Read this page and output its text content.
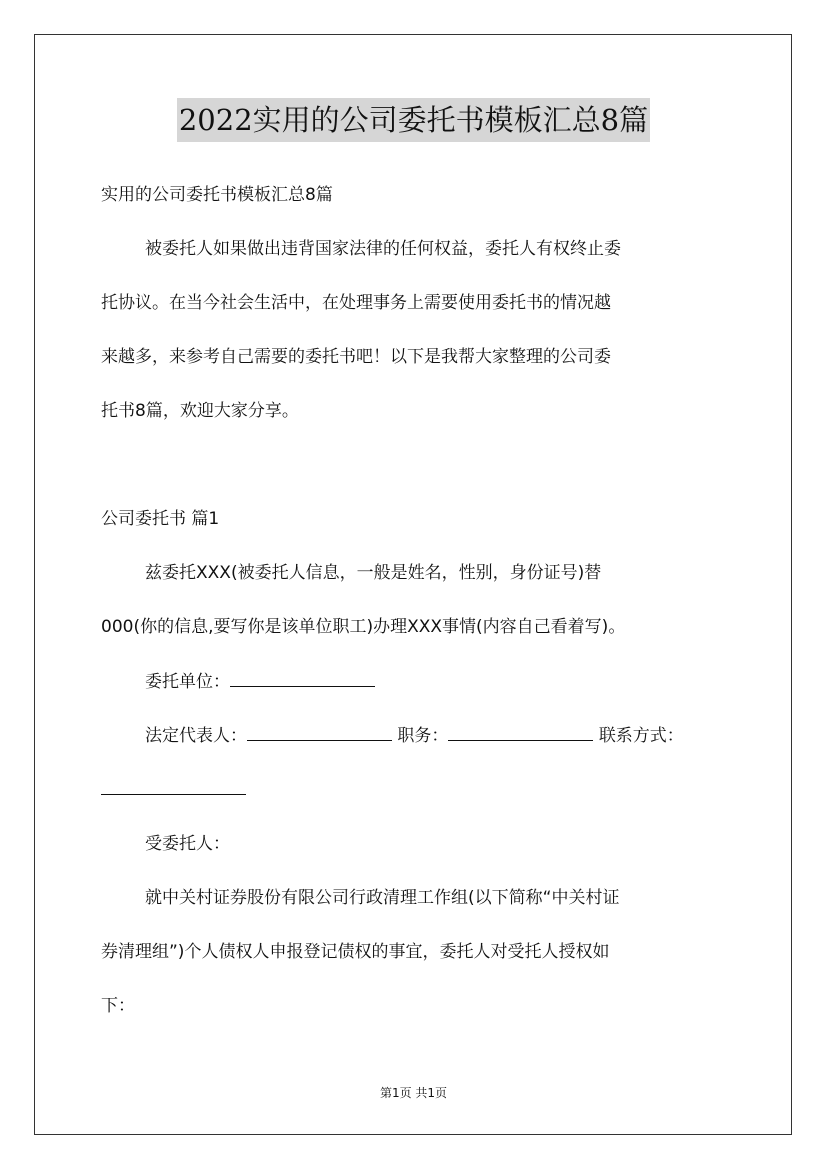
2022实用的公司委托书模板汇总8篇
实用的公司委托书模板汇总8篇
被委托人如果做出违背国家法律的任何权益，委托人有权终止委
托协议。在当今社会生活中，在处理事务上需要使用委托书的情况越
来越多，来参考自己需要的委托书吧！以下是我帮大家整理的公司委
托书8篇，欢迎大家分享。
公司委托书 篇1
兹委托XXX(被委托人信息，一般是姓名，性别，身份证号)替
000(你的信息,要写你是该单位职工)办理XXX事情(内容自己看着写)。
委托单位：
法定代表人：	职务：	联系方式：
受委托人：
就中关村证券股份有限公司行政清理工作组(以下简称“中关村证
券清理组”)个人债权人申报登记债权的事宜，委托人对受托人授权如
下：
第1页 共1页
